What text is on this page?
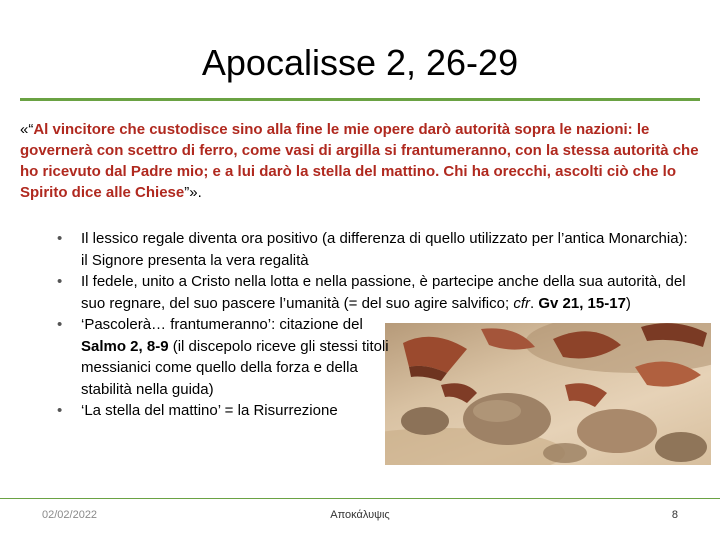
Apocalisse 2, 26-29
«“Al vincitore che custodisce sino alla fine le mie opere darò autorità sopra le nazioni: le governerà con scettro di ferro, come vasi di argilla si frantumeranno, con la stessa autorità che ho ricevuto dal Padre mio; e a lui darò la stella del mattino. Chi ha orecchi, ascolti ciò che lo Spirito dice alle Chiese”».
• Il lessico regale diventa ora positivo (a differenza di quello utilizzato per l’antica Monarchia): il Signore presenta la vera regalità
• Il fedele, unito a Cristo nella lotta e nella passione, è partecipe anche della sua autorità, del suo regnare, del suo pascere l’umanità (= del suo agire salvifico; cfr. Gv 21, 15-17)
• ‘Pascolerà… frantumeranno’: citazione del Salmo 2, 8-9 (il discepolo riceve gli stessi titoli messianici come quello della forza e della stabilità nella guida)
• ‘La stella del mattino’ = la Risurrezione
02/02/2022	Αποκάλυψις	8
